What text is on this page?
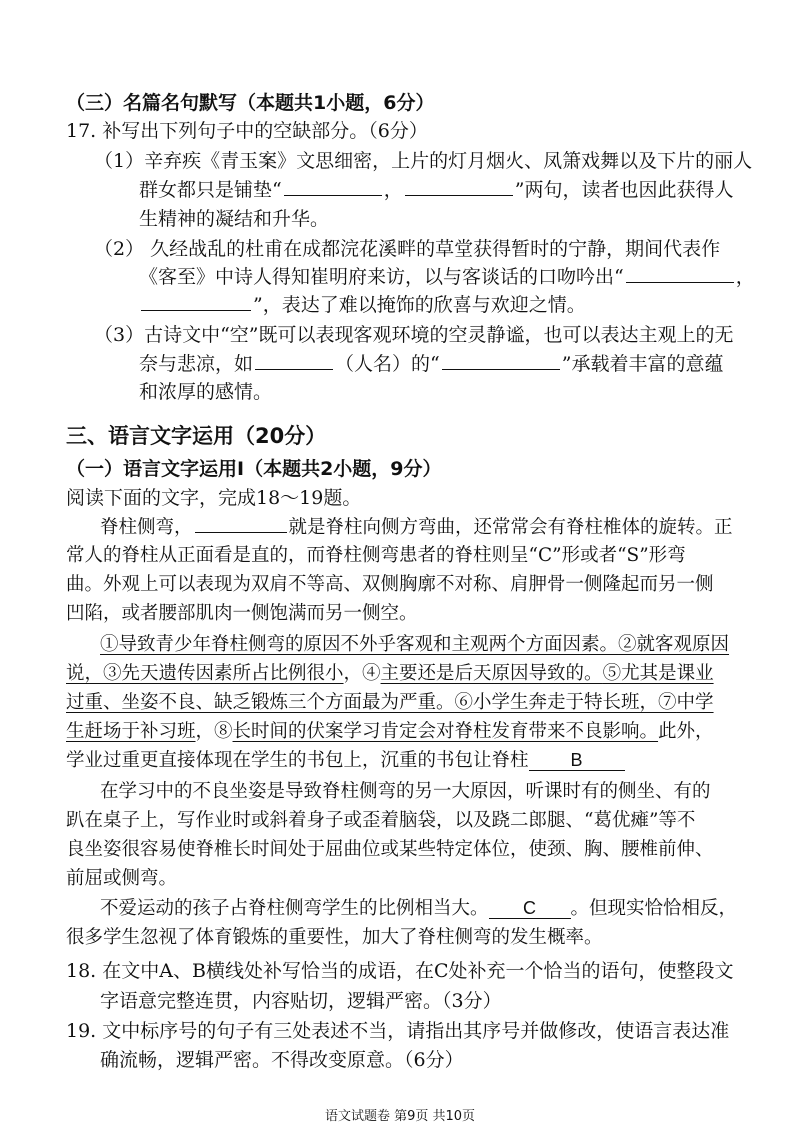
（三）名篇名句默写（本题共1小题，6分）
17. 补写出下列句子中的空缺部分。（6分）
（1）辛弃疾《青玉案》文思细密，上片的灯月烟火、凤箫戏舞以及下片的丽人
群女都只是铺垫“	，	”两句，读者也因此获得人
生精神的凝结和升华。
（2） 久经战乱的杜甫在成都浣花溪畔的草堂获得暂时的宁静，期间代表作
《客至》中诗人得知崔明府来访，以与客谈话的口吻吟出“	，
”，表达了难以掩饰的欣喜与欢迎之情。
（3）古诗文中“空”既可以表现客观环境的空灵静谧，也可以表达主观上的无
奈与悲凉，如	（人名）的“	”承载着丰富的意蕴
和浓厚的感情。
三、语言文字运用（20分）
（一）语言文字运用Ⅰ（本题共2小题，9分）
阅读下面的文字，完成18～19题。
脊柱侧弯，	就是脊柱向侧方弯曲，还常常会有脊柱椎体的旋转。正
常人的脊柱从正面看是直的，而脊柱侧弯患者的脊柱则呈“C”形或者“S”形弯
曲。外观上可以表现为双肩不等高、双侧胸廓不对称、肩胛骨一侧隆起而另一侧
凹陷，或者腰部肌肉一侧饱满而另一侧空。
①导致青少年脊柱侧弯的原因不外乎客观和主观两个方面因素。②就客观原因
说，③先天遗传因素所占比例很小，④主要还是后天原因导致的。⑤尤其是课业
过重、坐姿不良、缺乏锻炼三个方面最为严重。⑥小学生奔走于特长班，⑦中学
生赶场于补习班，⑧长时间的伏案学习肯定会对脊柱发育带来不良影响。此外，
学业过重更直接体现在学生的书包上，沉重的书包让脊柱 B
在学习中的不良坐姿是导致脊柱侧弯的另一大原因，听课时有的侧坐、有的
趴在桌子上，写作业时或斜着身子或歪着脑袋，以及跷二郎腿、“葛优瘫”等不
良坐姿很容易使脊椎长时间处于屈曲位或某些特定体位，使颈、胸、腰椎前伸、
前屈或侧弯。
不爱运动的孩子占脊柱侧弯学生的比例相当大。 C 。但现实恰恰相反，
很多学生忽视了体育锻炼的重要性，加大了脊柱侧弯的发生概率。
18. 在文中A、B横线处补写恰当的成语，在C处补充一个恰当的语句，使整段文
字语意完整连贯，内容贴切，逻辑严密。（3分）
19. 文中标序号的句子有三处表述不当，请指出其序号并做修改，使语言表达准
确流畅，逻辑严密。不得改变原意。（6分）
语文试题卷 第9页 共10页
